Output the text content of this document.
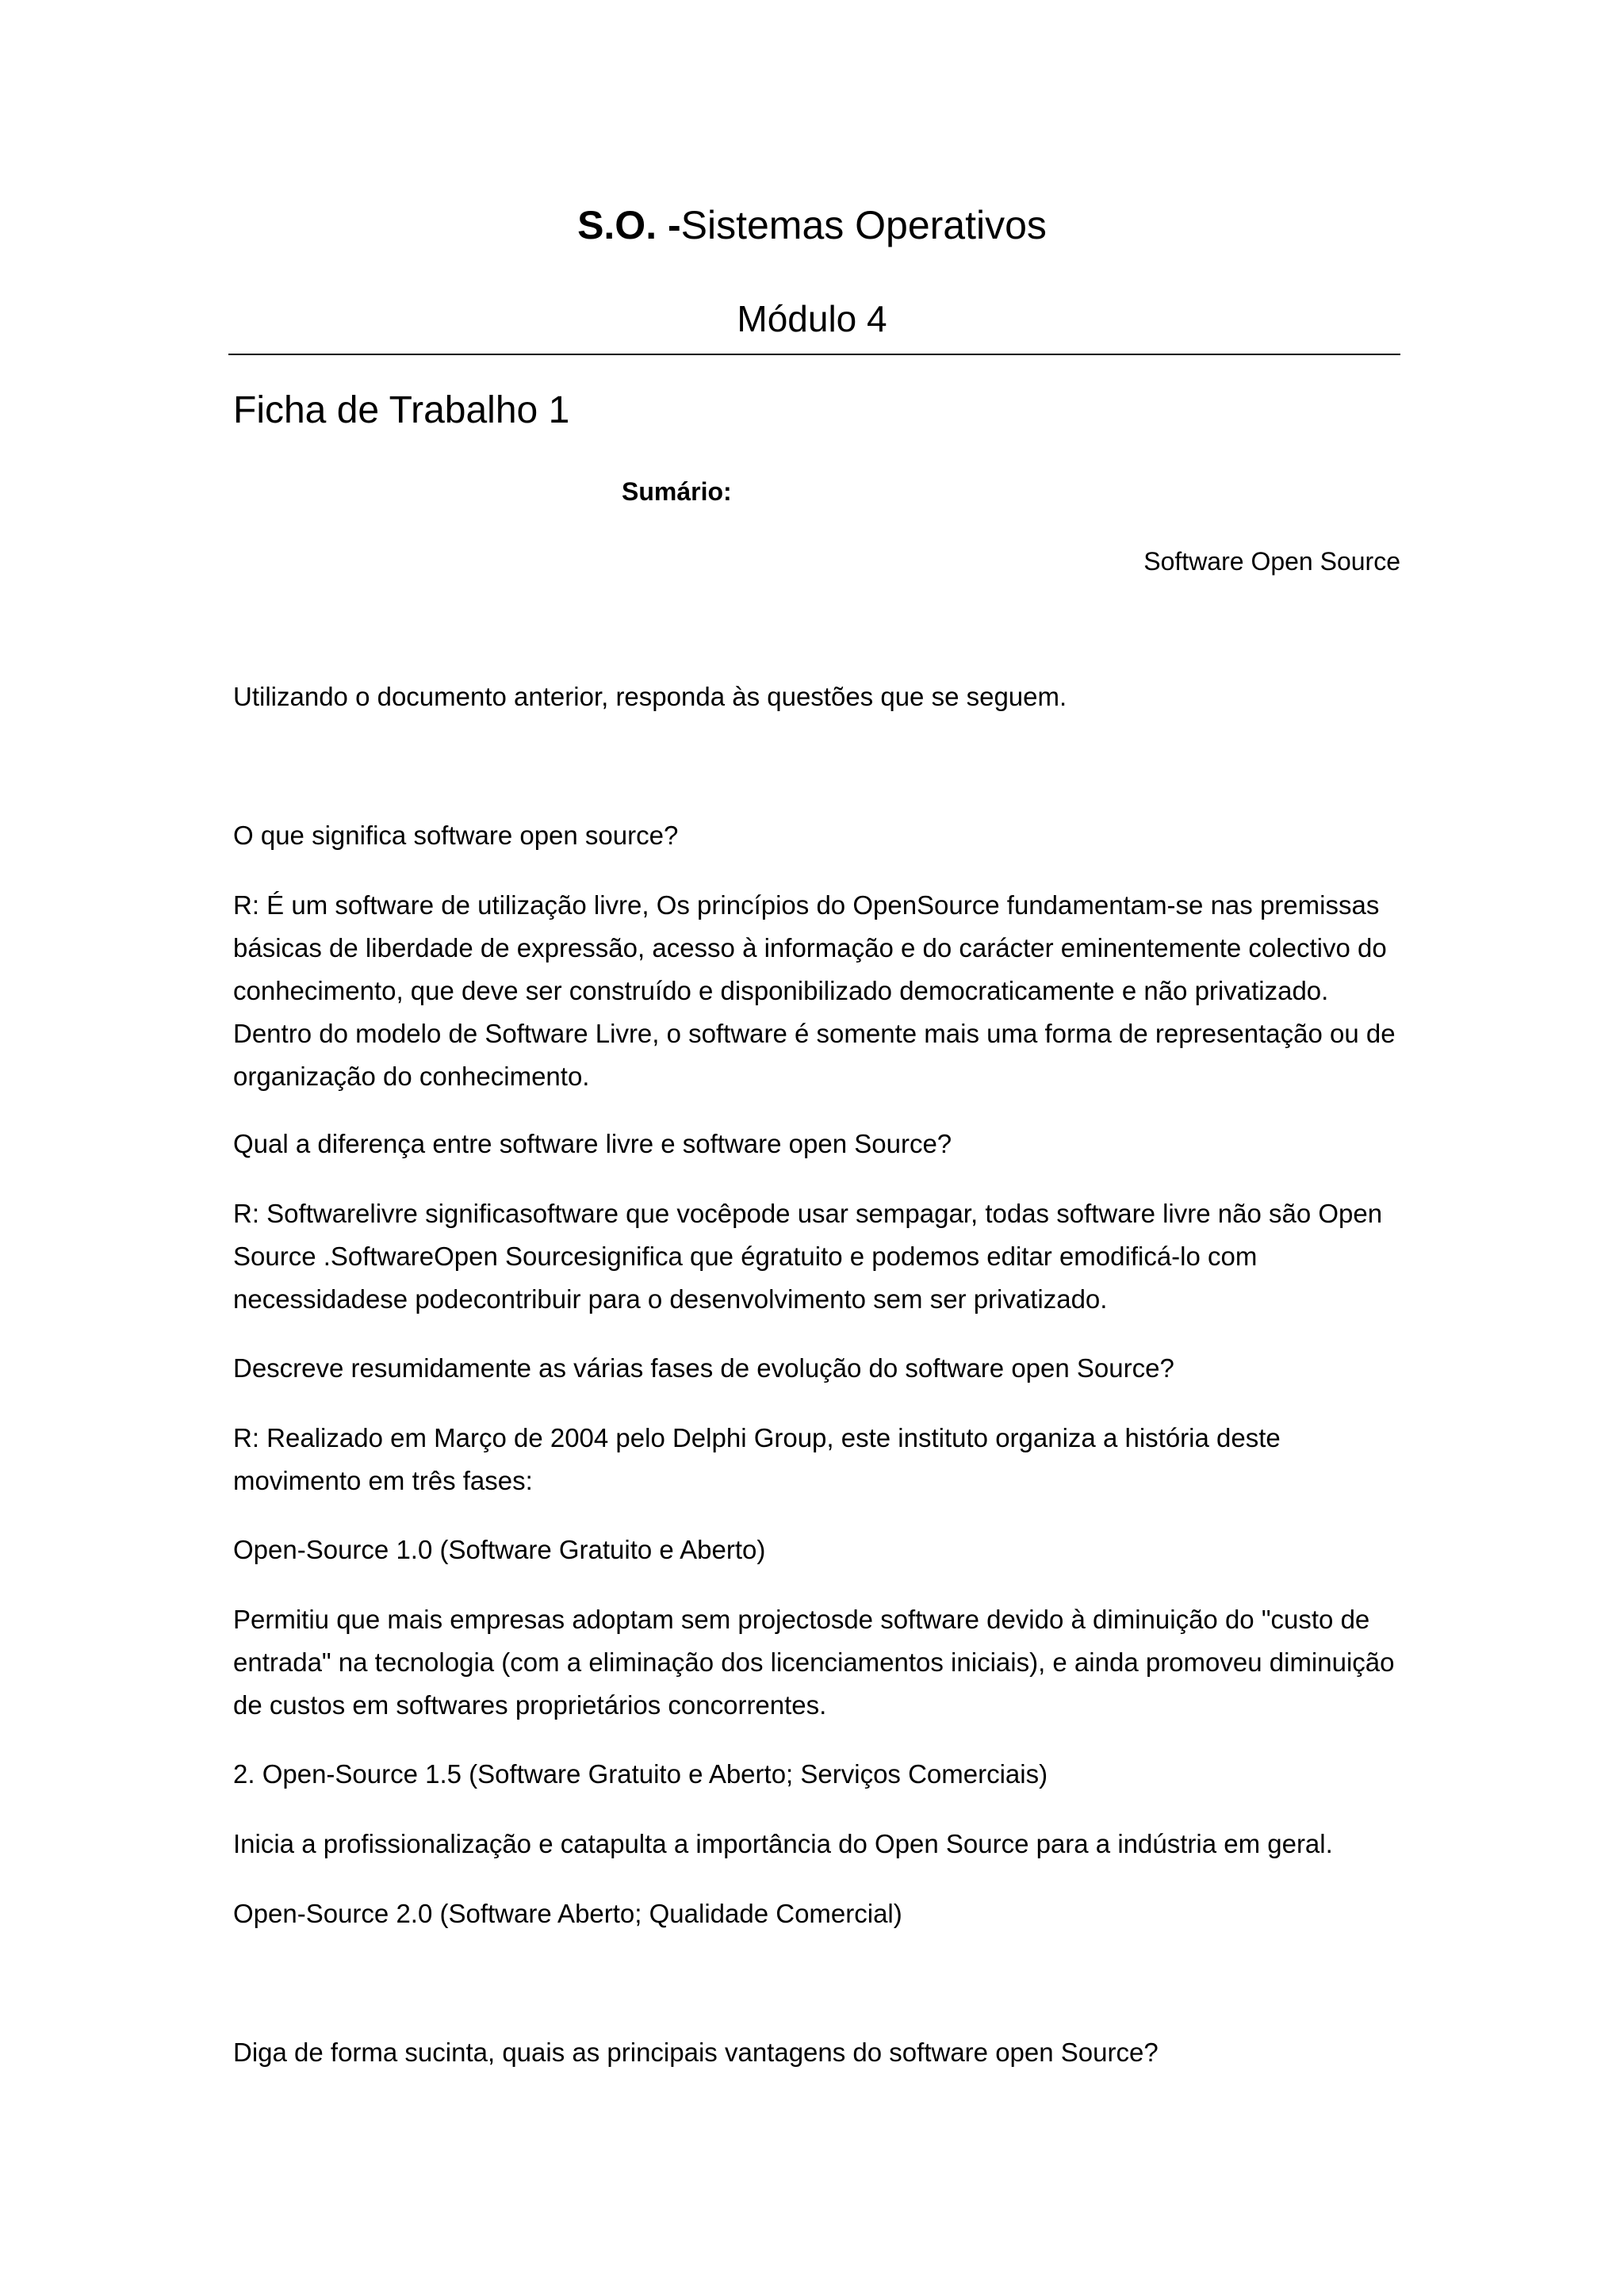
S.O. -Sistemas Operativos
Módulo 4
Ficha de Trabalho 1
Sumário:
Software Open Source

Utilizando o documento anterior, responda às questões que se seguem.

O que significa software open source?

R: É um software de utilização livre, Os princípios do OpenSource fundamentam-se nas premissas básicas de liberdade de expressão, acesso à informação e do carácter eminentemente colectivo do conhecimento, que deve ser construído e disponibilizado democraticamente e não privatizado. Dentro do modelo de Software Livre, o software é somente mais uma forma de representação ou de organização do conhecimento.

Qual a diferença entre software livre e software open Source?

R: Softwarelivre significasoftware que vocêpode usar sempagar, todas software livre não são Open Source .SoftwareOpen Sourcesignifica que égratuito e podemos editar emodificá-lo com necessidadese podecontribuir para o desenvolvimento sem ser privatizado.

Descreve resumidamente as várias fases de evolução do software open Source?

R: Realizado em Março de 2004 pelo Delphi Group, este instituto organiza a história deste movimento em três fases:

Open-Source 1.0 (Software Gratuito e Aberto)

Permitiu que mais empresas adoptam sem projectosde software devido à diminuição do "custo de entrada" na tecnologia (com a eliminação dos licenciamentos iniciais), e ainda promoveu diminuição de custos em softwares proprietários concorrentes.

2. Open-Source 1.5 (Software Gratuito e Aberto; Serviços Comerciais)

Inicia a profissionalização e catapulta a importância do Open Source para a indústria em geral.

Open-Source 2.0 (Software Aberto; Qualidade Comercial)

Diga de forma sucinta, quais as principais vantagens do software open Source?
